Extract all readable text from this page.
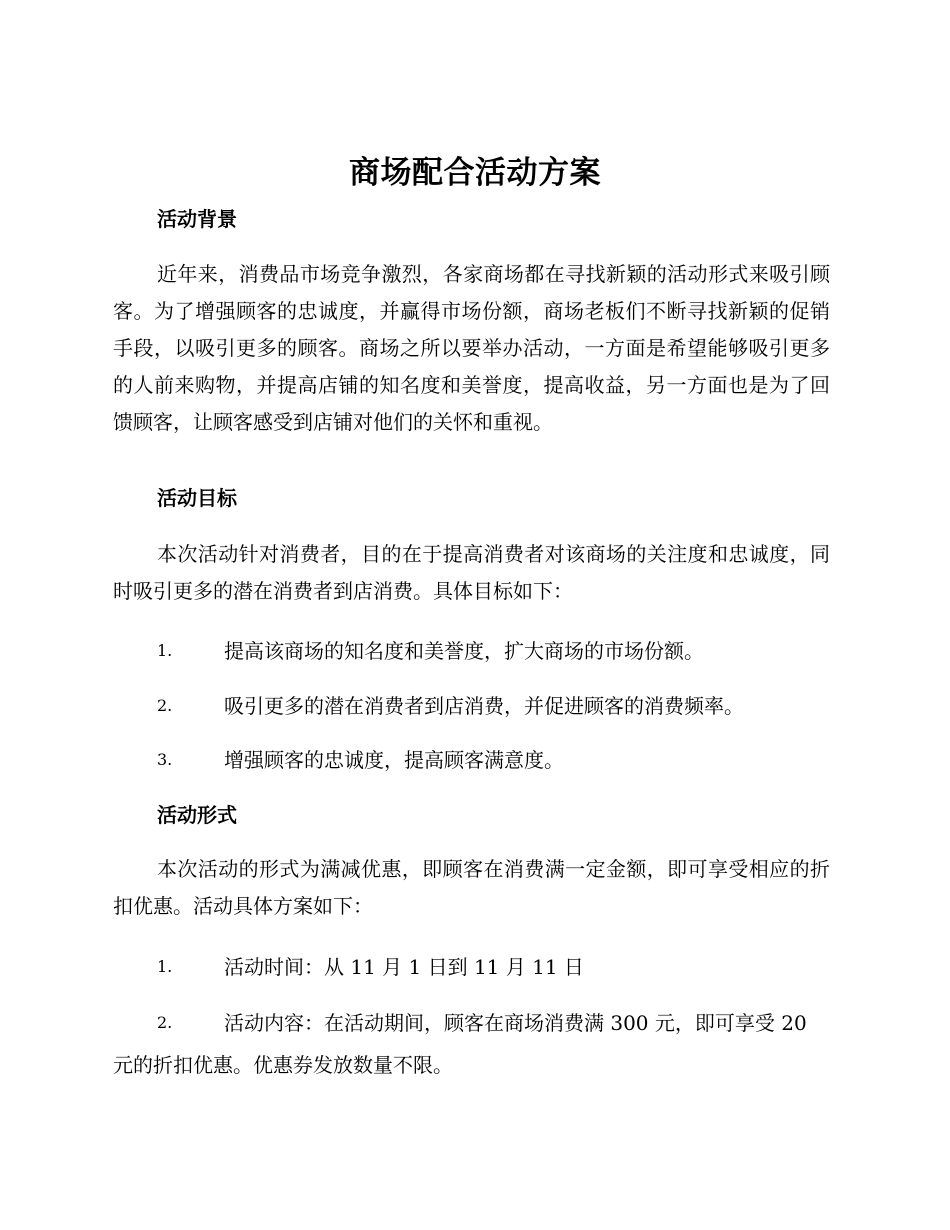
商场配合活动方案
活动背景

近年来，消费品市场竞争激烈，各家商场都在寻找新颖的活动形式来吸引顾客。为了增强顾客的忠诚度，并赢得市场份额，商场老板们不断寻找新颖的促销手段，以吸引更多的顾客。商场之所以要举办活动，一方面是希望能够吸引更多的人前来购物，并提高店铺的知名度和美誉度，提高收益，另一方面也是为了回馈顾客，让顾客感受到店铺对他们的关怀和重视。

活动目标

本次活动针对消费者，目的在于提高消费者对该商场的关注度和忠诚度，同时吸引更多的潜在消费者到店消费。具体目标如下：

1.	提高该商场的知名度和美誉度，扩大商场的市场份额。
2.	吸引更多的潜在消费者到店消费，并促进顾客的消费频率。
3.	增强顾客的忠诚度，提高顾客满意度。
活动形式

本次活动的形式为满减优惠，即顾客在消费满一定金额，即可享受相应的折扣优惠。活动具体方案如下：

1.	活动时间：从 11 月 1 日到 11 月 11 日
2.	活动内容：在活动期间，顾客在商场消费满 300 元，即可享受 20 元的折扣优惠。优惠券发放数量不限。
